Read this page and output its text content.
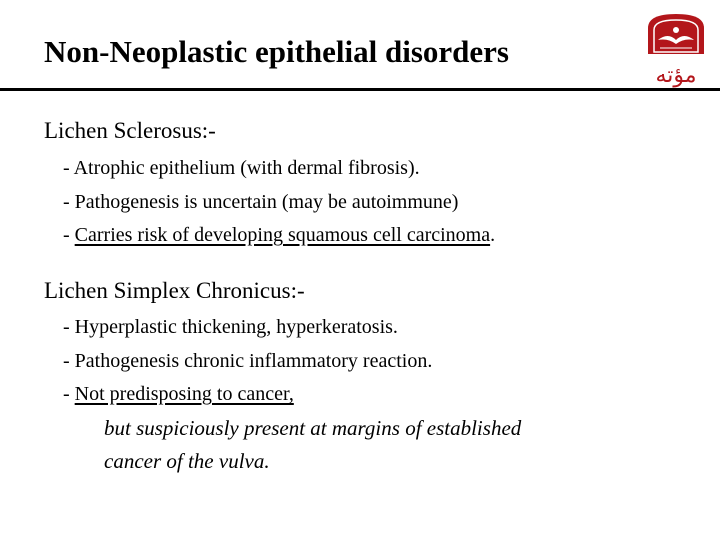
Non-Neoplastic epithelial disorders
مؤته
Lichen Sclerosus:-
- Atrophic epithelium (with dermal fibrosis).
- Pathogenesis is uncertain (may be autoimmune)
- Carries risk of developing squamous cell carcinoma.
Lichen Simplex Chronicus:-
- Hyperplastic thickening, hyperkeratosis.
- Pathogenesis chronic inflammatory reaction.
- Not predisposing to cancer,
but suspiciously present at margins of established
cancer of the vulva.
